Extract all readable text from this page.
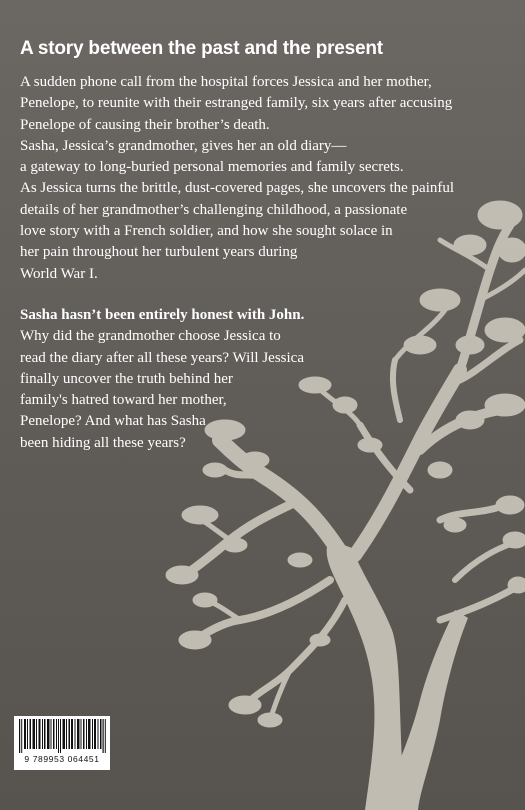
A story between the past and the present

A sudden phone call from the hospital forces Jessica and her mother,
Penelope, to reunite with their estranged family, six years after accusing
Penelope of causing their brother’s death.
Sasha, Jessica’s grandmother, gives her an old diary—
a gateway to long-buried personal memories and family secrets.
As Jessica turns the brittle, dust-covered pages, she uncovers the painful
details of her grandmother’s challenging childhood, a passionate
love story with a French soldier, and how she sought solace in
her pain throughout her turbulent years during
World War I.

Sasha hasn’t been entirely honest with John.
Why did the grandmother choose Jessica to
read the diary after all these years? Will Jessica
finally uncover the truth behind her
family's hatred toward her mother,
Penelope? And what has Sasha
been hiding all these years?

9 789953 064451
